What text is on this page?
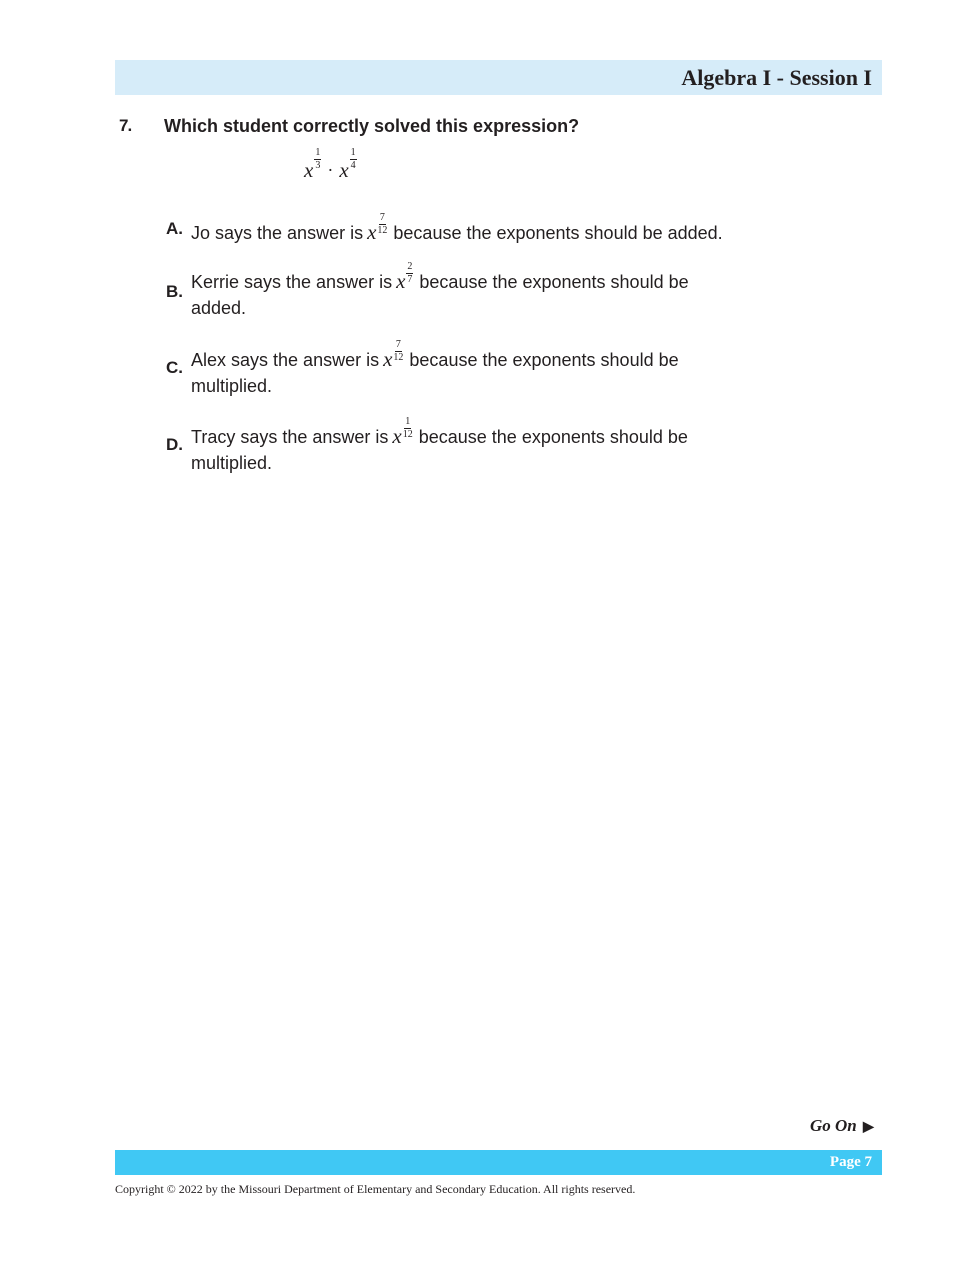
Algebra I - Session I
7. Which student correctly solved this expression?
x $\frac{1}{3} \cdot x \frac{1}{4}$
A. Jo says the answer is x $\frac{7}{12}$ because the exponents should be added.
B. Kerrie says the answer is x $\frac{2}{7}$ because the exponents should be
added.
C. Alex says the answer is x $\frac{7}{12}$ because the exponents should be
multiplied.
D. Tracy says the answer is x $\frac{1}{12}$ because the exponents should be
multiplied.
Go On ▶
Page 7
Copyright © 2022 by the Missouri Department of Elementary and Secondary Education. All rights reserved.
